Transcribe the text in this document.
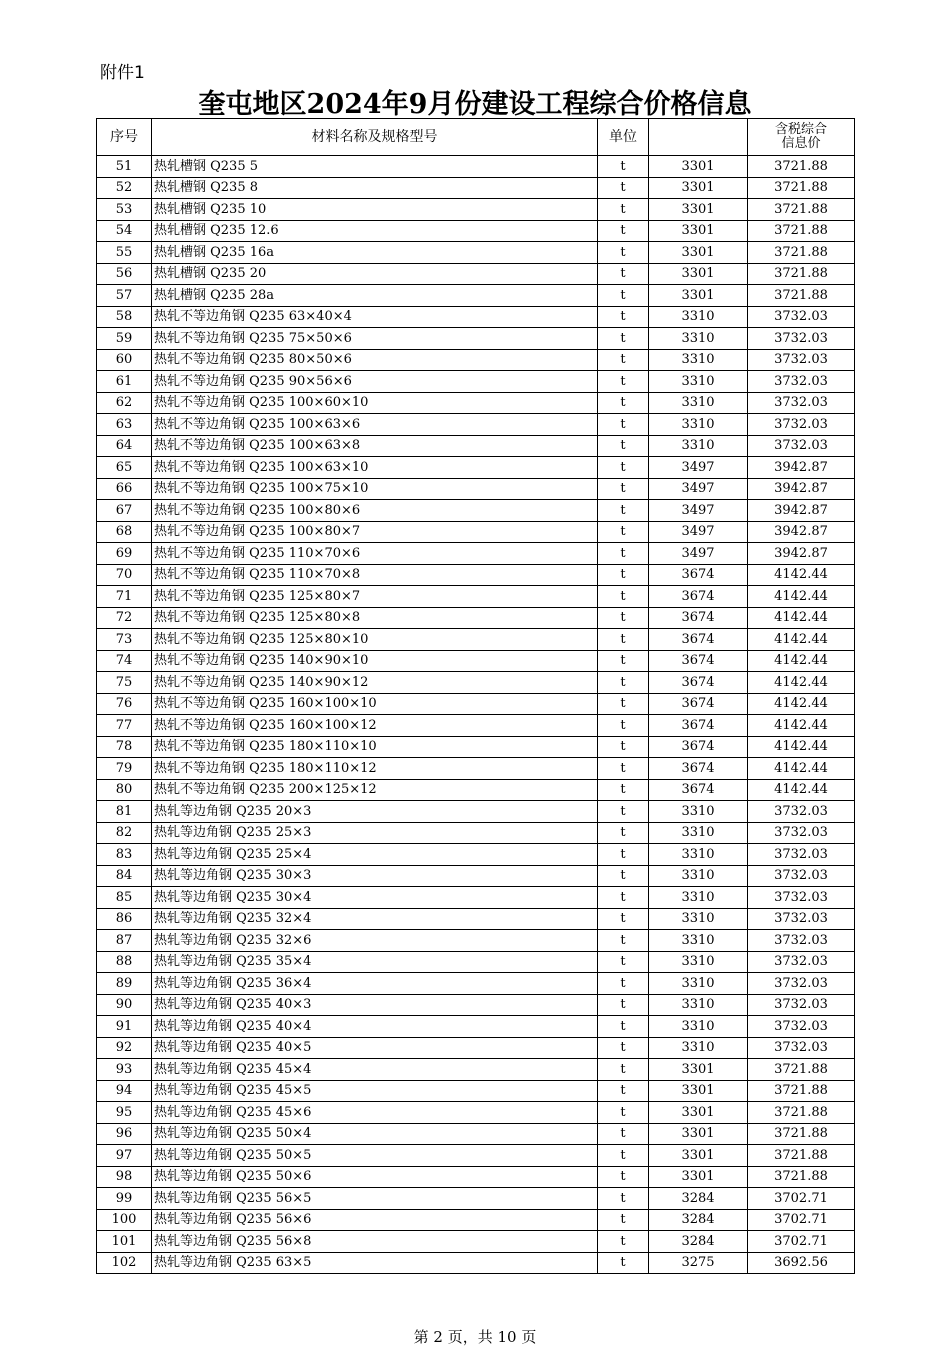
附件1
奎屯地区2024年9月份建设工程综合价格信息
序号	材料名称及规格型号	单位		含税综合
信息价
51	热轧槽钢 Q235 5	t	3301	3721.88
52	热轧槽钢 Q235 8	t	3301	3721.88
53	热轧槽钢 Q235 10	t	3301	3721.88
54	热轧槽钢 Q235 12.6	t	3301	3721.88
55	热轧槽钢 Q235 16a	t	3301	3721.88
56	热轧槽钢 Q235 20	t	3301	3721.88
57	热轧槽钢 Q235 28a	t	3301	3721.88
58	热轧不等边角钢 Q235 63×40×4	t	3310	3732.03
59	热轧不等边角钢 Q235 75×50×6	t	3310	3732.03
60	热轧不等边角钢 Q235 80×50×6	t	3310	3732.03
61	热轧不等边角钢 Q235 90×56×6	t	3310	3732.03
62	热轧不等边角钢 Q235 100×60×10	t	3310	3732.03
63	热轧不等边角钢 Q235 100×63×6	t	3310	3732.03
64	热轧不等边角钢 Q235 100×63×8	t	3310	3732.03
65	热轧不等边角钢 Q235 100×63×10	t	3497	3942.87
66	热轧不等边角钢 Q235 100×75×10	t	3497	3942.87
67	热轧不等边角钢 Q235 100×80×6	t	3497	3942.87
68	热轧不等边角钢 Q235 100×80×7	t	3497	3942.87
69	热轧不等边角钢 Q235 110×70×6	t	3497	3942.87
70	热轧不等边角钢 Q235 110×70×8	t	3674	4142.44
71	热轧不等边角钢 Q235 125×80×7	t	3674	4142.44
72	热轧不等边角钢 Q235 125×80×8	t	3674	4142.44
73	热轧不等边角钢 Q235 125×80×10	t	3674	4142.44
74	热轧不等边角钢 Q235 140×90×10	t	3674	4142.44
75	热轧不等边角钢 Q235 140×90×12	t	3674	4142.44
76	热轧不等边角钢 Q235 160×100×10	t	3674	4142.44
77	热轧不等边角钢 Q235 160×100×12	t	3674	4142.44
78	热轧不等边角钢 Q235 180×110×10	t	3674	4142.44
79	热轧不等边角钢 Q235 180×110×12	t	3674	4142.44
80	热轧不等边角钢 Q235 200×125×12	t	3674	4142.44
81	热轧等边角钢 Q235 20×3	t	3310	3732.03
82	热轧等边角钢 Q235 25×3	t	3310	3732.03
83	热轧等边角钢 Q235 25×4	t	3310	3732.03
84	热轧等边角钢 Q235 30×3	t	3310	3732.03
85	热轧等边角钢 Q235 30×4	t	3310	3732.03
86	热轧等边角钢 Q235 32×4	t	3310	3732.03
87	热轧等边角钢 Q235 32×6	t	3310	3732.03
88	热轧等边角钢 Q235 35×4	t	3310	3732.03
89	热轧等边角钢 Q235 36×4	t	3310	3732.03
90	热轧等边角钢 Q235 40×3	t	3310	3732.03
91	热轧等边角钢 Q235 40×4	t	3310	3732.03
92	热轧等边角钢 Q235 40×5	t	3310	3732.03
93	热轧等边角钢 Q235 45×4	t	3301	3721.88
94	热轧等边角钢 Q235 45×5	t	3301	3721.88
95	热轧等边角钢 Q235 45×6	t	3301	3721.88
96	热轧等边角钢 Q235 50×4	t	3301	3721.88
97	热轧等边角钢 Q235 50×5	t	3301	3721.88
98	热轧等边角钢 Q235 50×6	t	3301	3721.88
99	热轧等边角钢 Q235 56×5	t	3284	3702.71
100	热轧等边角钢 Q235 56×6	t	3284	3702.71
101	热轧等边角钢 Q235 56×8	t	3284	3702.71
102	热轧等边角钢 Q235 63×5	t	3275	3692.56
第 2 页，共 10 页
